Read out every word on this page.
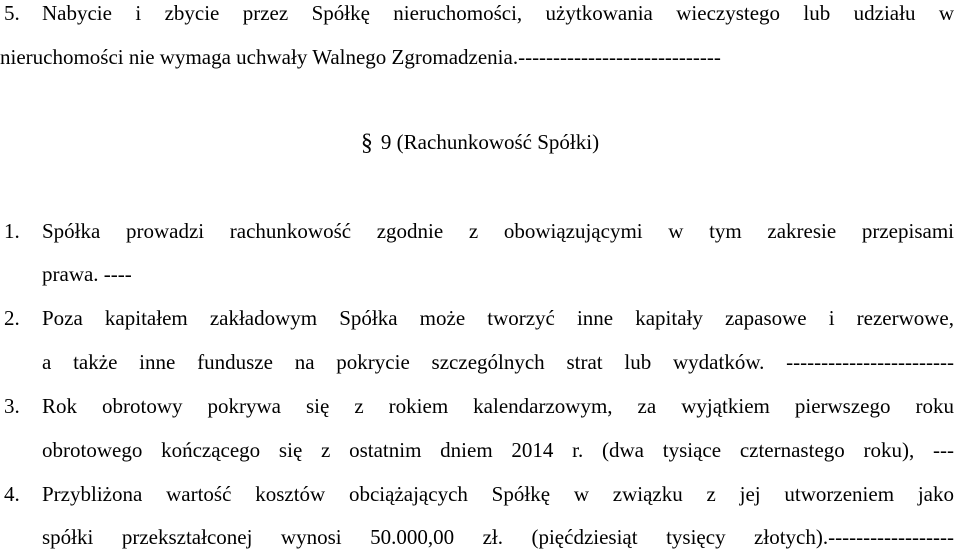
5. Nabycie i zbycie przez Spółkę nieruchomości, użytkowania wieczystego lub udziału w
nieruchomości nie wymaga uchwały Walnego Zgromadzenia.-----------------------------
§ 9 (Rachunkowość Spółki)
1. Spółka prowadzi rachunkowość zgodnie z obowiązującymi w tym zakresie przepisami
prawa. ----
2. Poza kapitałem zakładowym Spółka może tworzyć inne kapitały zapasowe i rezerwowe,
a także inne fundusze na pokrycie szczególnych strat lub wydatków. ------------------------
3. Rok obrotowy pokrywa się z rokiem kalendarzowym, za wyjątkiem pierwszego roku
obrotowego kończącego się z ostatnim dniem 2014 r. (dwa tysiące czternastego roku), ---
4. Przybliżona wartość kosztów obciążających Spółkę w związku z jej utworzeniem jako
spółki przekształconej wynosi 50.000,00 zł. (pięćdziesiąt tysięcy złotych).------------------
